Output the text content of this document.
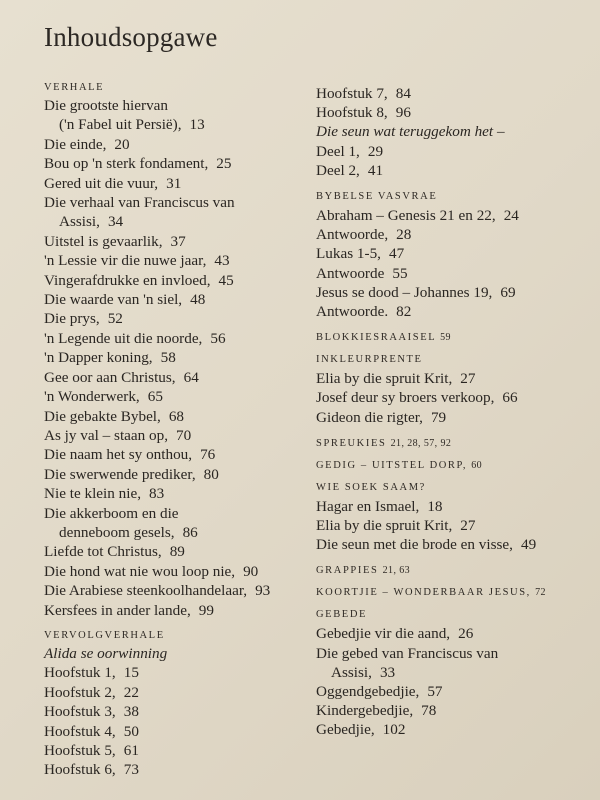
Inhoudsopgawe
VERHALE
Die grootste hiervan
('n Fabel uit Persië), 13
Die einde, 20
Bou op 'n sterk fondament, 25
Gered uit die vuur, 31
Die verhaal van Franciscus van
Assisi, 34
Uitstel is gevaarlik, 37
'n Lessie vir die nuwe jaar, 43
Vingerafdrukke en invloed, 45
Die waarde van 'n siel, 48
Die prys, 52
'n Legende uit die noorde, 56
'n Dapper koning, 58
Gee oor aan Christus, 64
'n Wonderwerk, 65
Die gebakte Bybel, 68
As jy val – staan op, 70
Die naam het sy onthou, 76
Die swerwende prediker, 80
Nie te klein nie, 83
Die akkerboom en die
denneboom gesels, 86
Liefde tot Christus, 89
Die hond wat nie wou loop nie, 90
Die Arabiese steenkoolhandelaar, 93
Kersfees in ander lande, 99
VERVOLGVERHALE
Alida se oorwinning
Hoofstuk 1, 15
Hoofstuk 2, 22
Hoofstuk 3, 38
Hoofstuk 4, 50
Hoofstuk 5, 61
Hoofstuk 6, 73
Hoofstuk 7, 84
Hoofstuk 8, 96
Die seun wat teruggekom het –
Deel 1, 29
Deel 2, 41
BYBELSE VASVRAE
Abraham – Genesis 21 en 22, 24
Antwoorde, 28
Lukas 1-5, 47
Antwoorde 55
Jesus se dood – Johannes 19, 69
Antwoorde. 82
BLOKKIESRAAISEL 59
INKLEURPRENTE
Elia by die spruit Krit, 27
Josef deur sy broers verkoop, 66
Gideon die rigter, 79
SPREUKIES 21, 28, 57, 92
GEDIG – UITSTEL DORP, 60
WIE SOEK SAAM?
Hagar en Ismael, 18
Elia by die spruit Krit, 27
Die seun met die brode en visse, 49
GRAPPIES 21, 63
KOORTJIE – WONDERBAAR JESUS, 72
GEBEDE
Gebedjie vir die aand, 26
Die gebed van Franciscus van
Assisi, 33
Oggendgebedjie, 57
Kindergebedjie, 78
Gebedjie, 102
